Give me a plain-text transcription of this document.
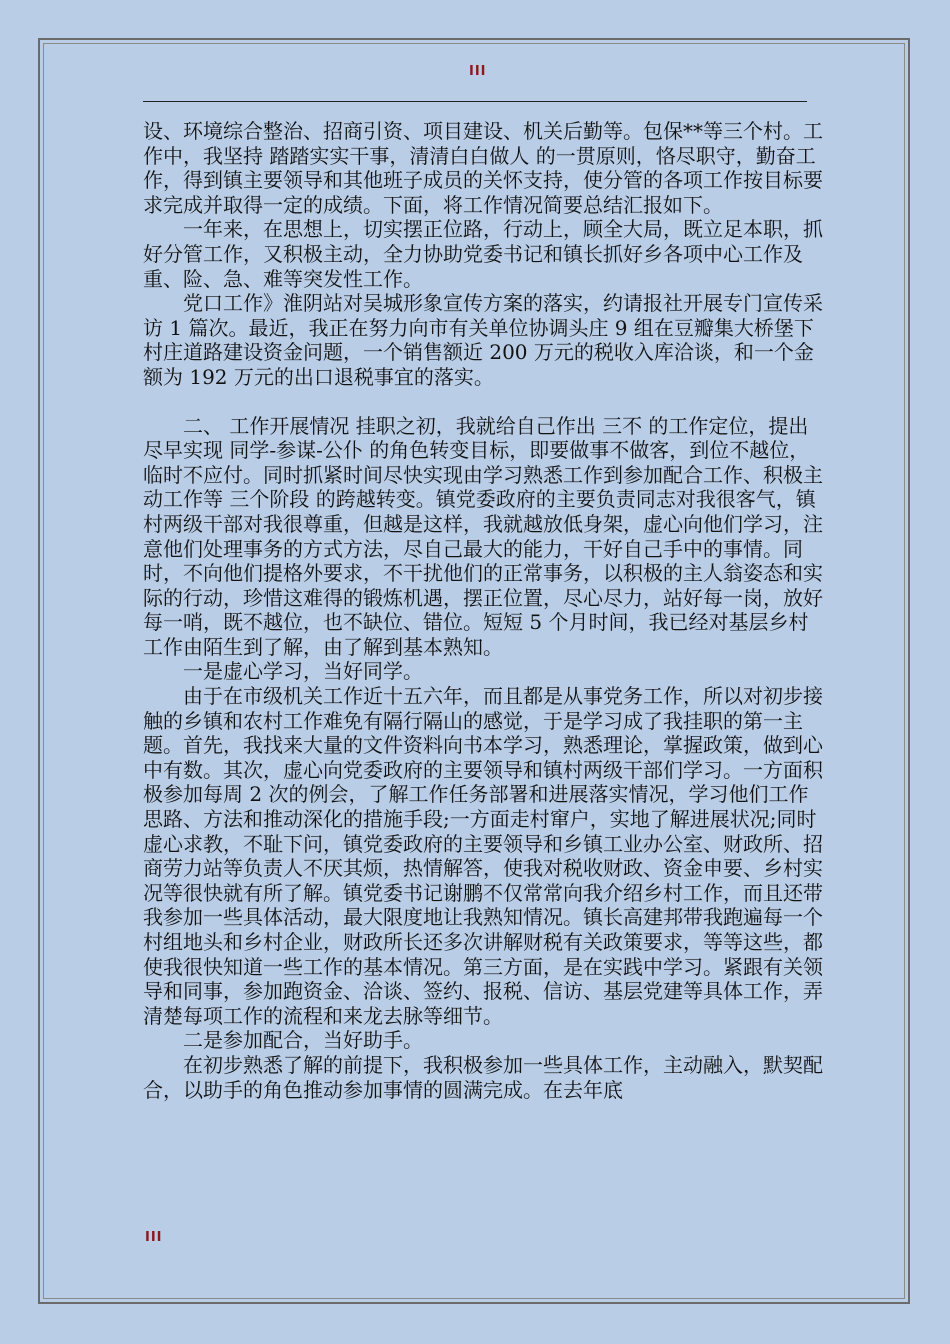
III

设、环境综合整治、招商引资、项目建设、机关后勤等。包保**等三个村。工作中，我坚持 踏踏实实干事，清清白白做人 的一贯原则，恪尽职守，勤奋工作，得到镇主要领导和其他班子成员的关怀支持，使分管的各项工作按目标要求完成并取得一定的成绩。下面，将工作情况简要总结汇报如下。

　　一年来，在思想上，切实摆正位路，行动上，顾全大局，既立足本职，抓好分管工作，又积极主动，全力协助党委书记和镇长抓好乡各项中心工作及重、险、急、难等突发性工作。

　　党口工作》淮阴站对吴城形象宣传方案的落实，约请报社开展专门宣传采访 1 篇次。最近，我正在努力向市有关单位协调头庄 9 组在豆瓣集大桥堡下村庄道路建设资金问题，一个销售额近 200 万元的税收入库洽谈，和一个金额为 192 万元的出口退税事宜的落实。

　　二、 工作开展情况 挂职之初，我就给自己作出 三不 的工作定位，提出尽早实现 同学-参谋-公仆 的角色转变目标，即要做事不做客，到位不越位，临时不应付。同时抓紧时间尽快实现由学习熟悉工作到参加配合工作、积极主动工作等 三个阶段 的跨越转变。镇党委政府的主要负责同志对我很客气，镇村两级干部对我很尊重，但越是这样，我就越放低身架，虚心向他们学习，注意他们处理事务的方式方法，尽自己最大的能力，干好自己手中的事情。同时，不向他们提格外要求，不干扰他们的正常事务，以积极的主人翁姿态和实际的行动，珍惜这难得的锻炼机遇，摆正位置，尽心尽力，站好每一岗，放好每一哨，既不越位，也不缺位、错位。短短 5 个月时间，我已经对基层乡村工作由陌生到了解，由了解到基本熟知。

　　一是虚心学习，当好同学。

　　由于在市级机关工作近十五六年，而且都是从事党务工作，所以对初步接触的乡镇和农村工作难免有隔行隔山的感觉，于是学习成了我挂职的第一主题。首先，我找来大量的文件资料向书本学习，熟悉理论，掌握政策，做到心中有数。其次，虚心向党委政府的主要领导和镇村两级干部们学习。一方面积极参加每周 2 次的例会，了解工作任务部署和进展落实情况，学习他们工作思路、方法和推动深化的措施手段;一方面走村窜户，实地了解进展状况;同时虚心求教，不耻下问，镇党委政府的主要领导和乡镇工业办公室、财政所、招商劳力站等负责人不厌其烦，热情解答，使我对税收财政、资金申要、乡村实况等很快就有所了解。镇党委书记谢鹏不仅常常向我介绍乡村工作，而且还带我参加一些具体活动，最大限度地让我熟知情况。镇长高建邦带我跑遍每一个村组地头和乡村企业，财政所长还多次讲解财税有关政策要求，等等这些，都使我很快知道一些工作的基本情况。第三方面，是在实践中学习。紧跟有关领导和同事，参加跑资金、洽谈、签约、报税、信访、基层党建等具体工作，弄清楚每项工作的流程和来龙去脉等细节。

　　二是参加配合，当好助手。

　　在初步熟悉了解的前提下，我积极参加一些具体工作，主动融入，默契配合，以助手的角色推动参加事情的圆满完成。在去年底

III
